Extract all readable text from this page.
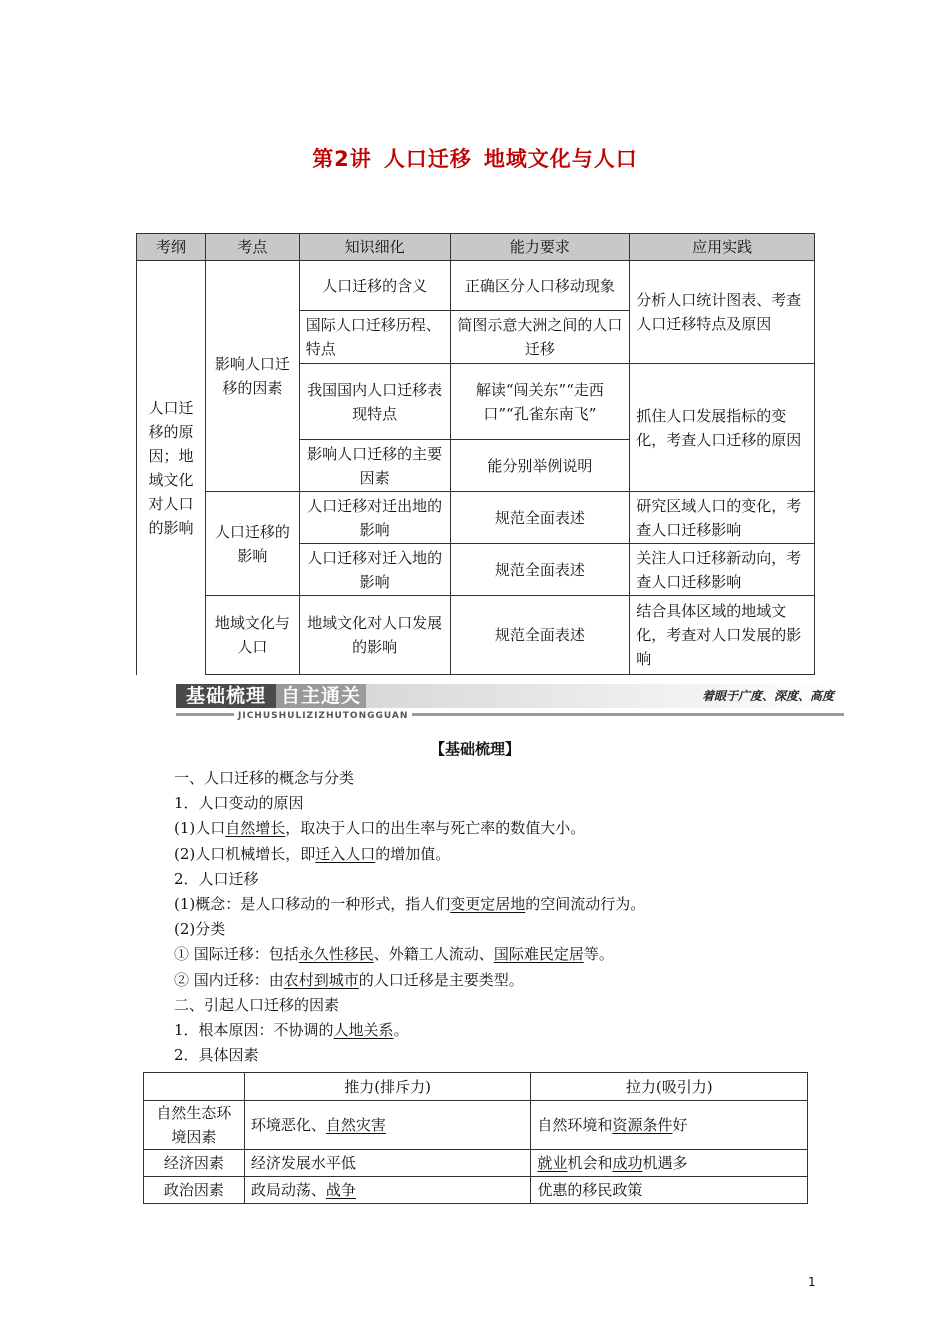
第2讲 人口迁移 地域文化与人口
考纲	考点	知识细化	能力要求	应用实践
人口迁移的原因；地域文化对人口的影响	影响人口迁移的因素	人口迁移的含义	正确区分人口移动现象	分析人口统计图表、考查人口迁移特点及原因
		国际人口迁移历程、特点	简图示意大洲之间的人口迁移	
		我国国内人口迁移表现特点	解读“闯关东”“走西口”“孔雀东南飞”	抓住人口发展指标的变化，考查人口迁移的原因
		影响人口迁移的主要因素	能分别举例说明	
	人口迁移的影响	人口迁移对迁出地的影响	规范全面表述	研究区域人口的变化，考查人口迁移影响
		人口迁移对迁入地的影响	规范全面表述	关注人口迁移新动向，考查人口迁移影响
	地域文化与人口	地域文化对人口发展的影响	规范全面表述	结合具体区域的地域文化，考查对人口发展的影响
基础梳理 自主通关
JICHUSHULIZIZHUTONGGUAN
着眼于广度、深度、高度
【基础梳理】
一、人口迁移的概念与分类
1．人口变动的原因
(1)人口自然增长，取决于人口的出生率与死亡率的数值大小。
(2)人口机械增长，即迁入人口的增加值。
2．人口迁移
(1)概念：是人口移动的一种形式，指人们变更定居地的空间流动行为。
(2)分类
① 国际迁移：包括永久性移民、外籍工人流动、国际难民定居等。
② 国内迁移：由农村到城市的人口迁移是主要类型。
二、引起人口迁移的因素
1．根本原因：不协调的人地关系。
2．具体因素
	推力(排斥力)	拉力(吸引力)
自然生态环境因素	环境恶化、自然灾害	自然环境和资源条件好
经济因素	经济发展水平低	就业机会和成功机遇多
政治因素	政局动荡、战争	优惠的移民政策
1
